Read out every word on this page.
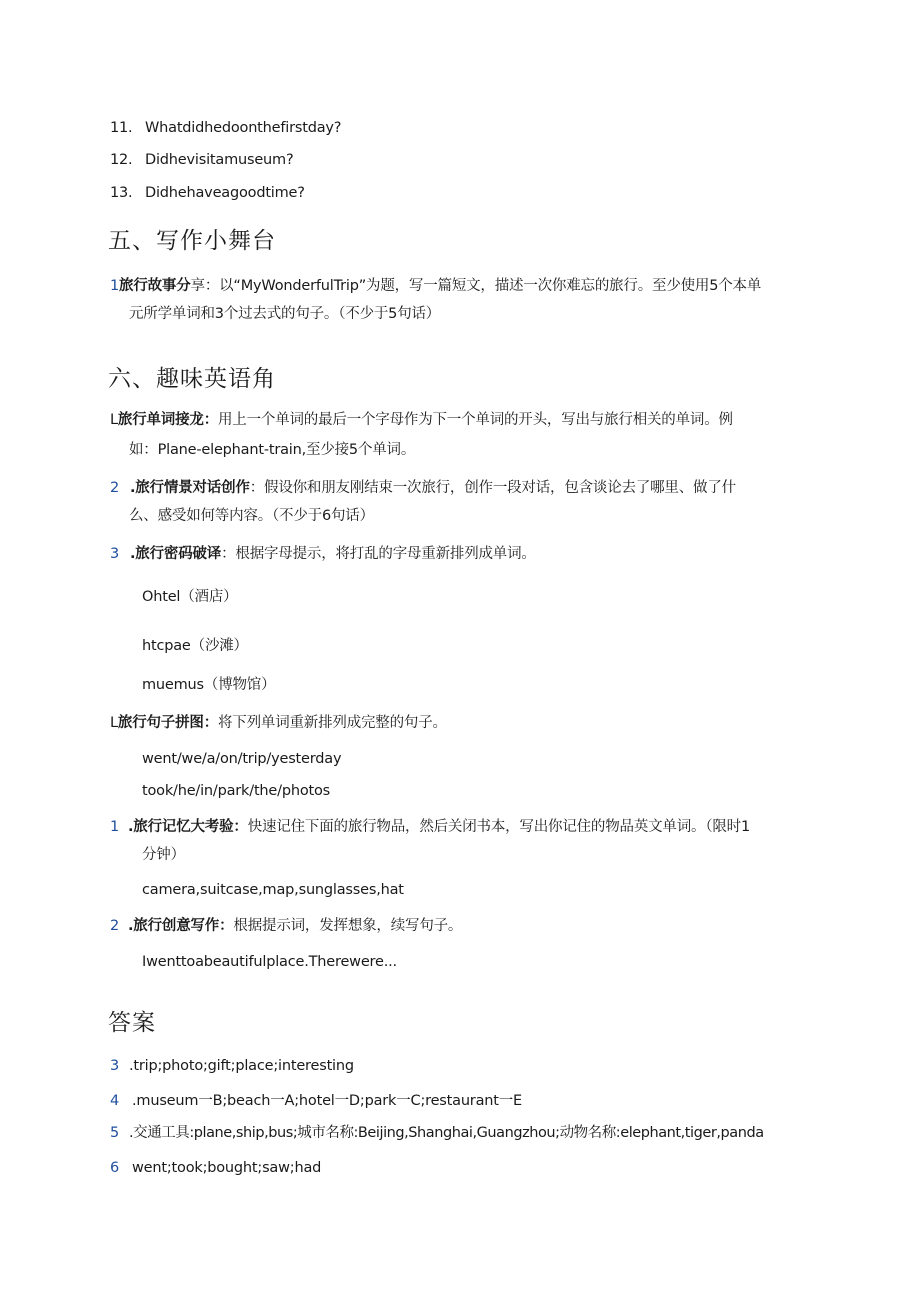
11. Whatdidhedoonthefirstday?
12. Didhevisitamuseum?
13. Didhehaveagoodtime?
五、写作小舞台
1旅行故事分享：以“MyWonderfulTrip”为题，写一篇短文，描述一次你难忘的旅行。至少使用5个本单
元所学单词和3个过去式的句子。（不少于5句话）
六、趣味英语角
L旅行单词接龙：用上一个单词的最后一个字母作为下一个单词的开头，写出与旅行相关的单词。例
如：Plane-elephant-train,至少接5个单词。
2 .旅行情景对话创作：假设你和朋友刚结束一次旅行，创作一段对话，包含谈论去了哪里、做了什
么、感受如何等内容。（不少于6句话）
3 .旅行密码破译：根据字母提示，将打乱的字母重新排列成单词。
Ohtel（酒店）
htcpae（沙滩）
muemus（博物馆）
L旅行句子拼图：将下列单词重新排列成完整的句子。
went/we/a/on/trip/yesterday
took/he/in/park/the/photos
1 .旅行记忆大考验：快速记住下面的旅行物品，然后关闭书本，写出你记住的物品英文单词。（限时1
分钟）
camera,suitcase,map,sunglasses,hat
2 .旅行创意写作：根据提示词，发挥想象，续写句子。
Iwenttoabeautifulplace.Therewere...
答案
3 .trip;photo;gift;place;interesting
4 .museum一B;beach一A;hotel一D;park一C;restaurant一E
5 .交通工具:plane,ship,bus;城市名称:Beijing,Shanghai,Guangzhou;动物名称:elephant,tiger,panda
6 went;took;bought;saw;had
